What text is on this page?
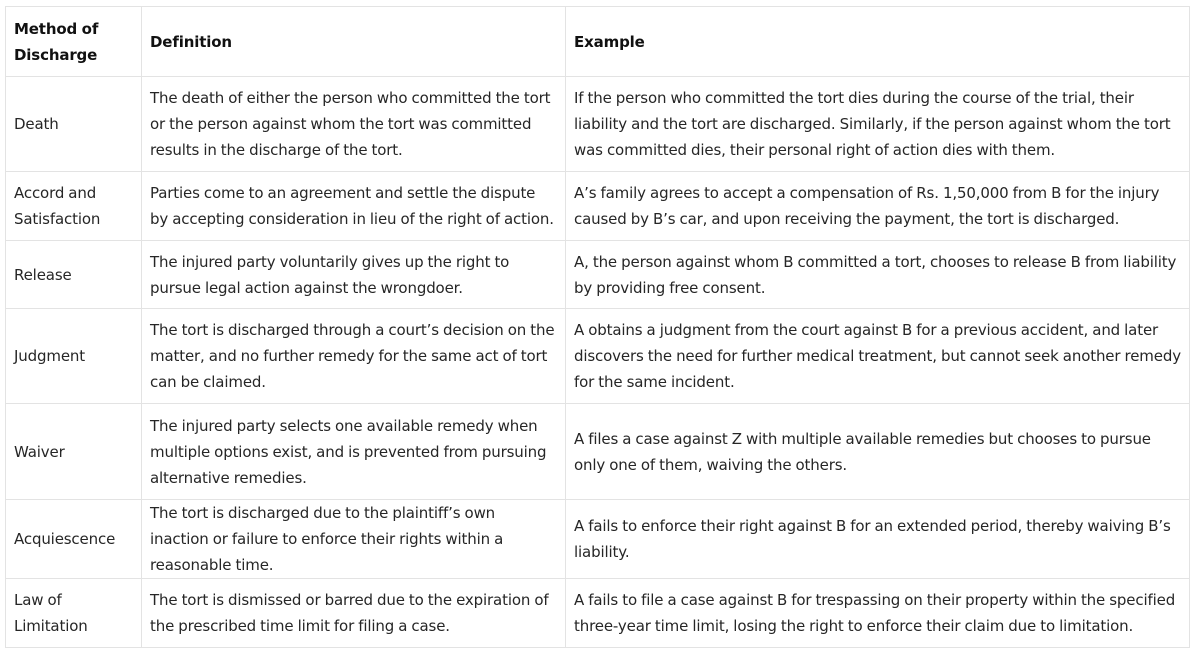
Method of Discharge	Definition	Example
Death	The death of either the person who committed the tort or the person against whom the tort was committed results in the discharge of the tort.	If the person who committed the tort dies during the course of the trial, their liability and the tort are discharged. Similarly, if the person against whom the tort was committed dies, their personal right of action dies with them.
Accord and Satisfaction	Parties come to an agreement and settle the dispute by accepting consideration in lieu of the right of action.	A’s family agrees to accept a compensation of Rs. 1,50,000 from B for the injury caused by B’s car, and upon receiving the payment, the tort is discharged.
Release	The injured party voluntarily gives up the right to pursue legal action against the wrongdoer.	A, the person against whom B committed a tort, chooses to release B from liability by providing free consent.
Judgment	The tort is discharged through a court’s decision on the matter, and no further remedy for the same act of tort can be claimed.	A obtains a judgment from the court against B for a previous accident, and later discovers the need for further medical treatment, but cannot seek another remedy for the same incident.
Waiver	The injured party selects one available remedy when multiple options exist, and is prevented from pursuing alternative remedies.	A files a case against Z with multiple available remedies but chooses to pursue only one of them, waiving the others.
Acquiescence	The tort is discharged due to the plaintiff’s own inaction or failure to enforce their rights within a reasonable time.	A fails to enforce their right against B for an extended period, thereby waiving B’s liability.
Law of Limitation	The tort is dismissed or barred due to the expiration of the prescribed time limit for filing a case.	A fails to file a case against B for trespassing on their property within the specified three-year time limit, losing the right to enforce their claim due to limitation.
